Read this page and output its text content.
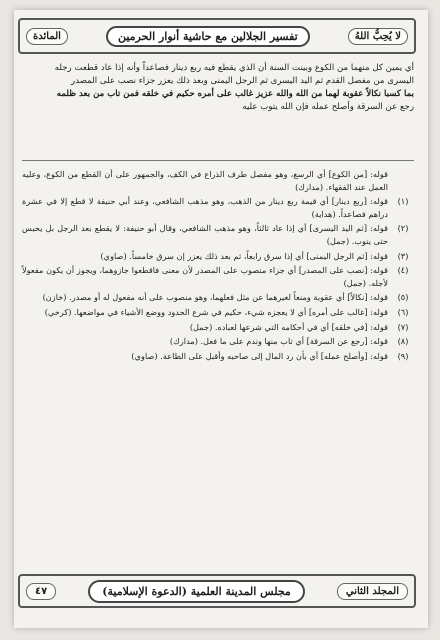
لا يُحِبُّ اللهُ
تفسير الجلالين مع حاشية أنوار الحرمين
المائدة
أي يمين كل منهما من الكوع وبينت السنة أن الذي يقطع فيه ربع دينار فصاعداً وأنه إذا عاد قطعت رجله
اليسرى من مفصل القدم ثم اليد اليسرى ثم الرجل اليمنى وبعد ذلك يعزر جزاء نصب على المصدر
بما كسبا نكالاً عقوبة لهما من الله والله عزيز غالب على أمره حكيم في خلقه فمن تاب من بعد ظلمه
رجع عن السرقة وأصلح عمله فإن الله يتوب عليه
قوله: [من الكوع] أي الرسغ، وهو مفصل طرف الذراع في الكف، والجمهور على أن القطع من الكوع، وعليه العمل عند الفقهاء. (مدارك)
(١)
قوله: [ربع دينار] أي قيمة ربع دينار من الذهب، وهو مذهب الشافعي، وعند أبي حنيفة لا قطع إلا في عشرة دراهم فصاعداً. (هداية)
(٢)
قوله: [ثم اليد اليسرى] أي إذا عاد ثالثاً، وهو مذهب الشافعي، وقال أبو حنيفة: لا يقطع بعد الرجل بل يحبس حتى يتوب. (جمل)
(٣)
قوله: [ثم الرجل اليمنى] أي إذا سرق رابعاً، ثم بعد ذلك يعزر إن سرق خامساً. (صاوي)
(٤)
قوله: [نصب على المصدر] أي جزاء منصوب على المصدر لأن معنى فاقطعوا جازوهما، ويجوز أن يكون مفعولاً لأجله. (جمل)
(٥)
قوله: [نكالاً] أي عقوبة ومنعاً لغيرهما عن مثل فعلهما، وهو منصوب على أنه مفعول له أو مصدر. (خازن)
(٦)
قوله: [غالب على أمره] أي لا يعجزه شيء، حكيم في شرع الحدود ووضع الأشياء في مواضعها. (كرخي)
(٧)
قوله: [في خلقه] أي في أحكامه التي شرعها لعباده. (جمل)
(٨)
قوله: [رجع عن السرقة] أي تاب منها وندم على ما فعل. (مدارك)
(٩)
قوله: [وأصلح عمله] أي بأن رد المال إلى صاحبه وأقبل على الطاعة. (صاوي)
المجلد الثاني
مجلس المدينة العلمية (الدعوة الإسلامية)
٤٧
